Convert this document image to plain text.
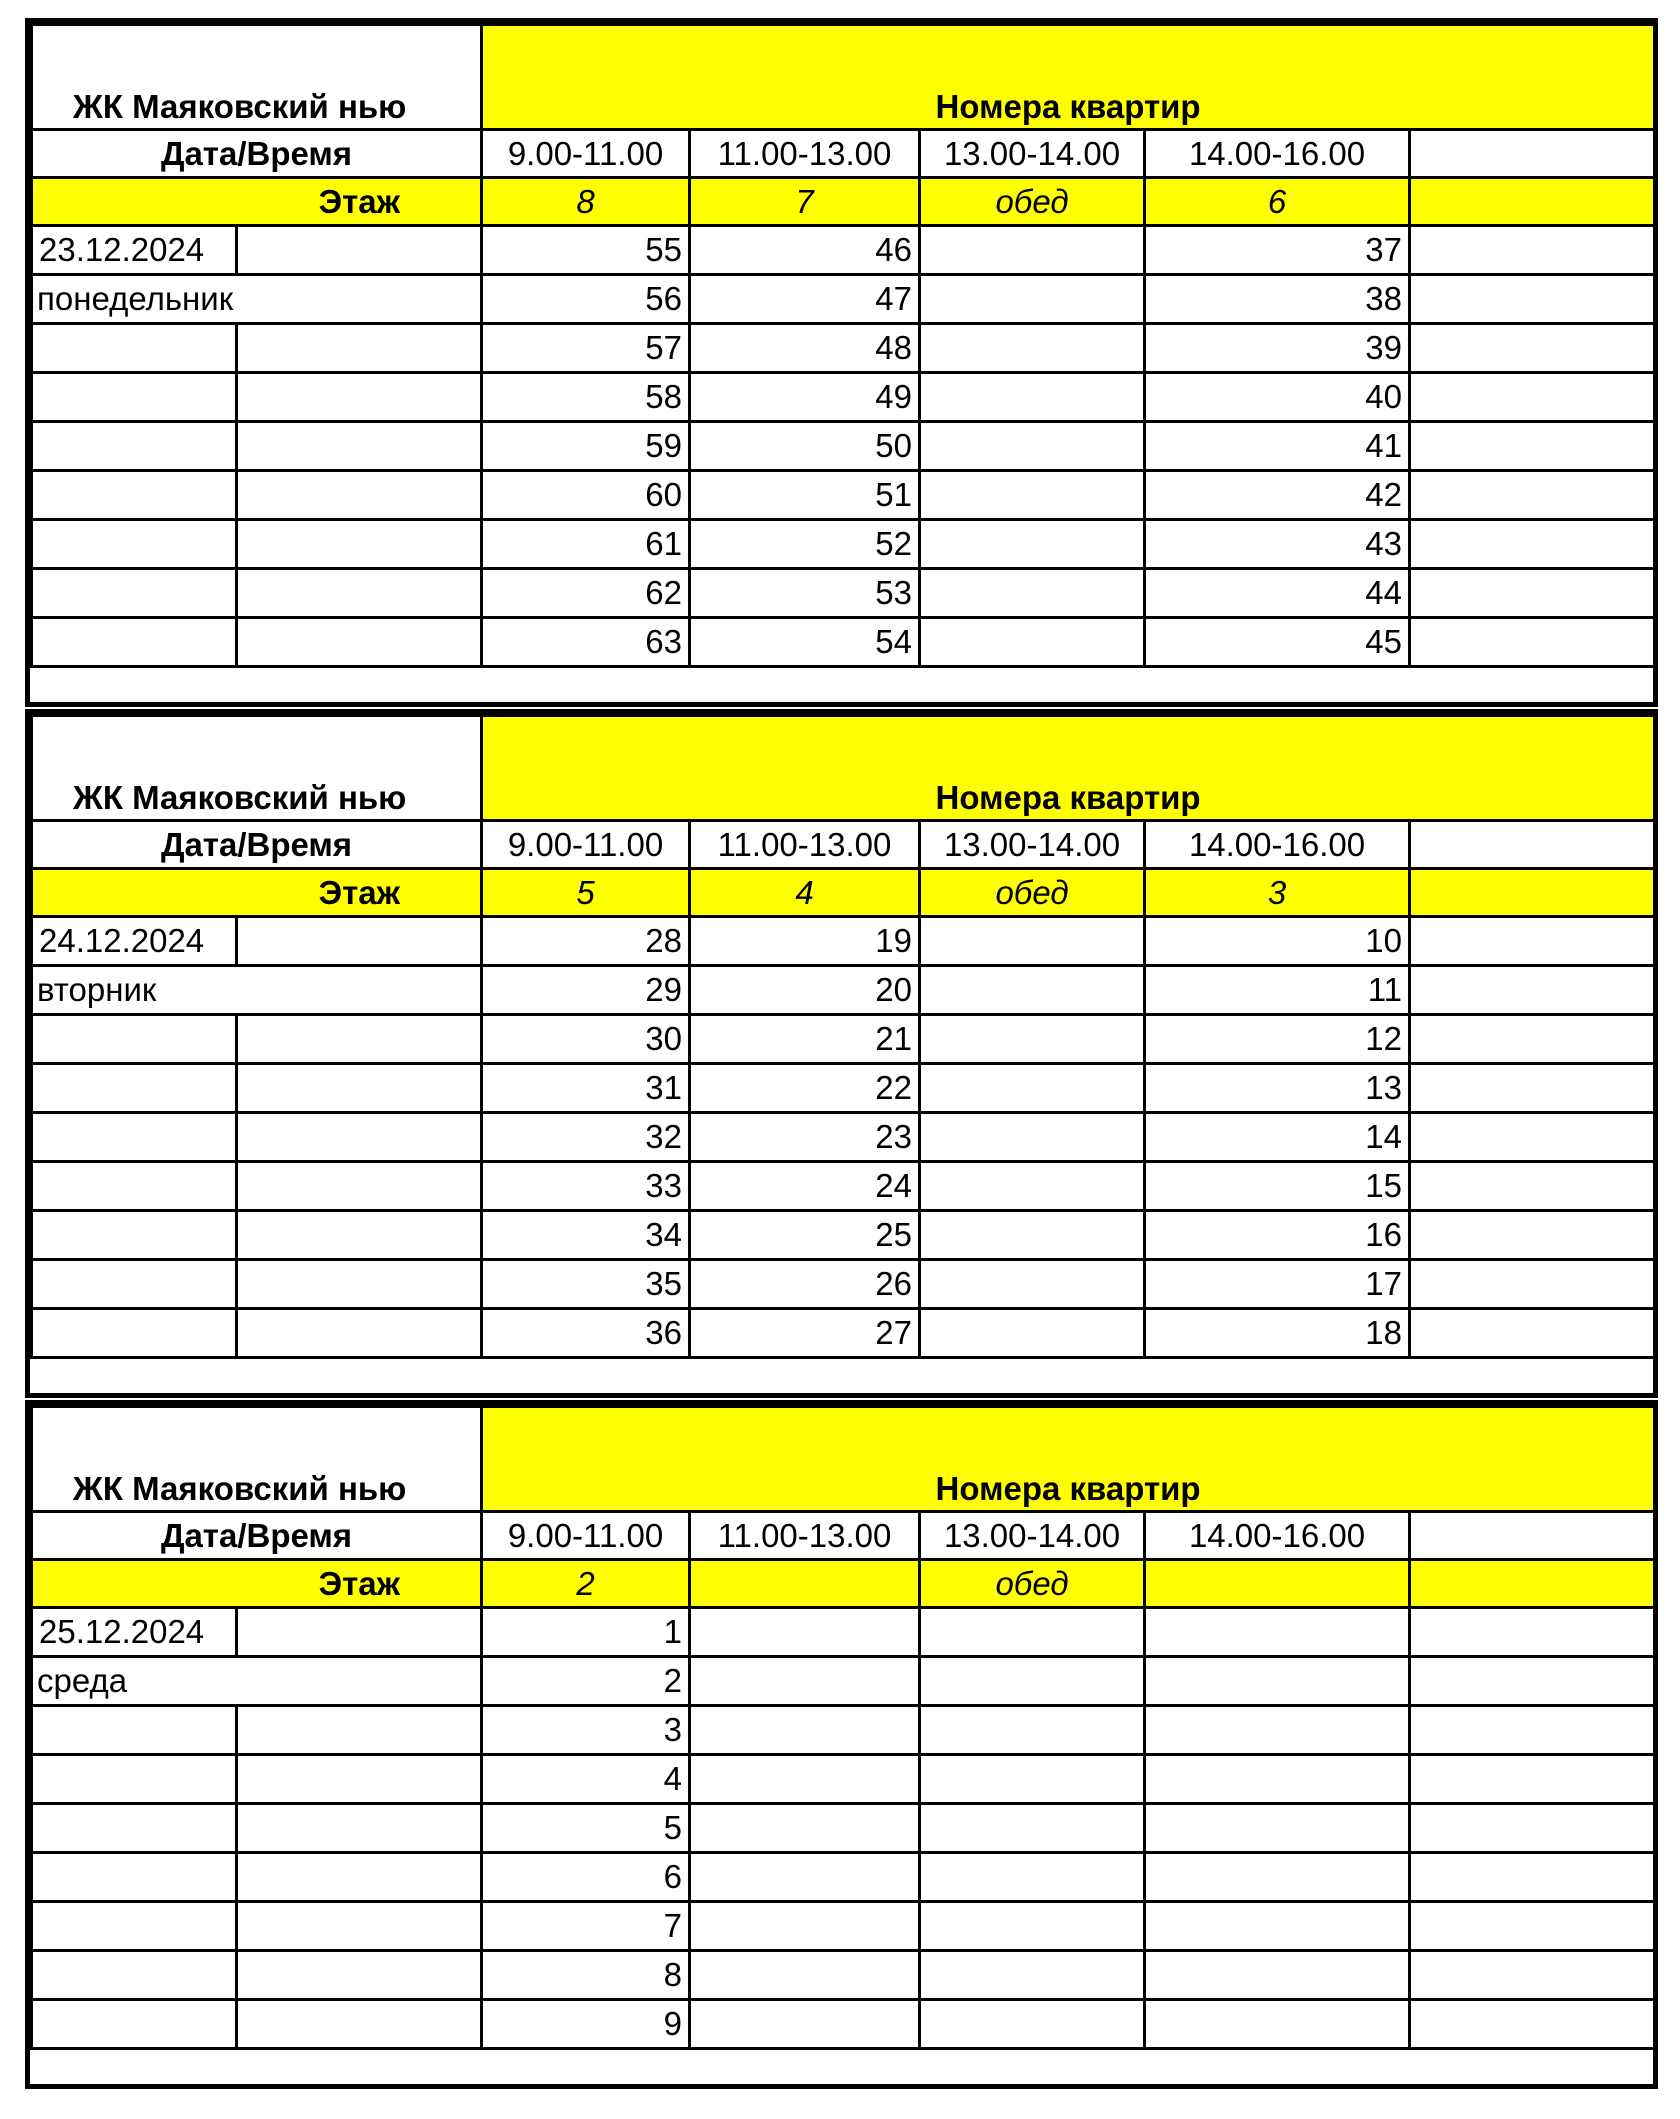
ЖК Маяковский нью		Номера квартир				
Дата/Время		9.00-11.00	11.00-13.00	13.00-14.00	14.00-16.00	
Этаж		8	7	обед	6	
23.12.2024		55	46		37	
понедельник		56	47		38	
		57	48		39	
		58	49		40	
		59	50		41	
		60	51		42	
		61	52		43	
		62	53		44	
		63	54		45	
ЖК Маяковский нью		Номера квартир				
Дата/Время		9.00-11.00	11.00-13.00	13.00-14.00	14.00-16.00	
Этаж		5	4	обед	3	
24.12.2024		28	19		10	
вторник		29	20		11	
		30	21		12	
		31	22		13	
		32	23		14	
		33	24		15	
		34	25		16	
		35	26		17	
		36	27		18	
ЖК Маяковский нью		Номера квартир				
Дата/Время		9.00-11.00	11.00-13.00	13.00-14.00	14.00-16.00	
Этаж		2		обед		
25.12.2024		1				
среда		2				
		3				
		4				
		5				
		6				
		7				
		8				
		9				
